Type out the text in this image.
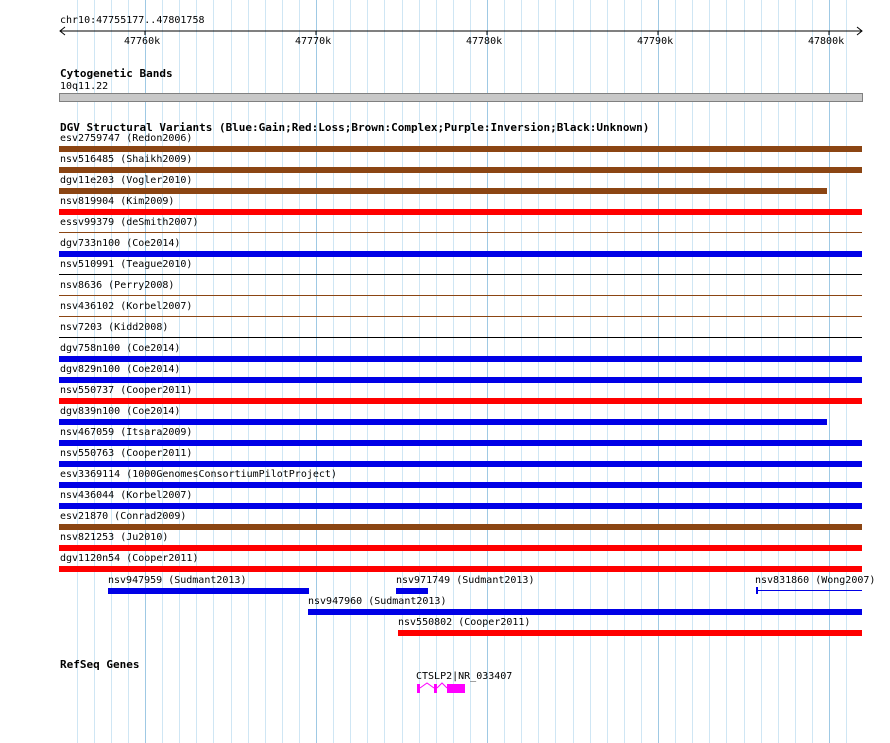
chr10:47755177..47801758
47760k	47770k	47780k	47790k	47800k
Cytogenetic Bands
10q11.22
DGV Structural Variants (Blue:Gain;Red:Loss;Brown:Complex;Purple:Inversion;Black:Unknown)
esv2759747 (Redon2006)
nsv516485 (Shaikh2009)
dgv11e203 (Vogler2010)
nsv819904 (Kim2009)
essv99379 (deSmith2007)
dgv733n100 (Coe2014)
nsv510991 (Teague2010)
nsv8636 (Perry2008)
nsv436102 (Korbel2007)
nsv7203 (Kidd2008)
dgv758n100 (Coe2014)
dgv829n100 (Coe2014)
nsv550737 (Cooper2011)
dgv839n100 (Coe2014)
nsv467059 (Itsara2009)
nsv550763 (Cooper2011)
esv3369114 (1000GenomesConsortiumPilotProject)
nsv436044 (Korbel2007)
esv21870 (Conrad2009)
nsv821253 (Ju2010)
dgv1120n54 (Cooper2011)
nsv947959 (Sudmant2013)	nsv971749 (Sudmant2013)	nsv831860 (Wong2007)
nsv947960 (Sudmant2013)
nsv550802 (Cooper2011)
RefSeq Genes
CTSLP2|NR_033407
